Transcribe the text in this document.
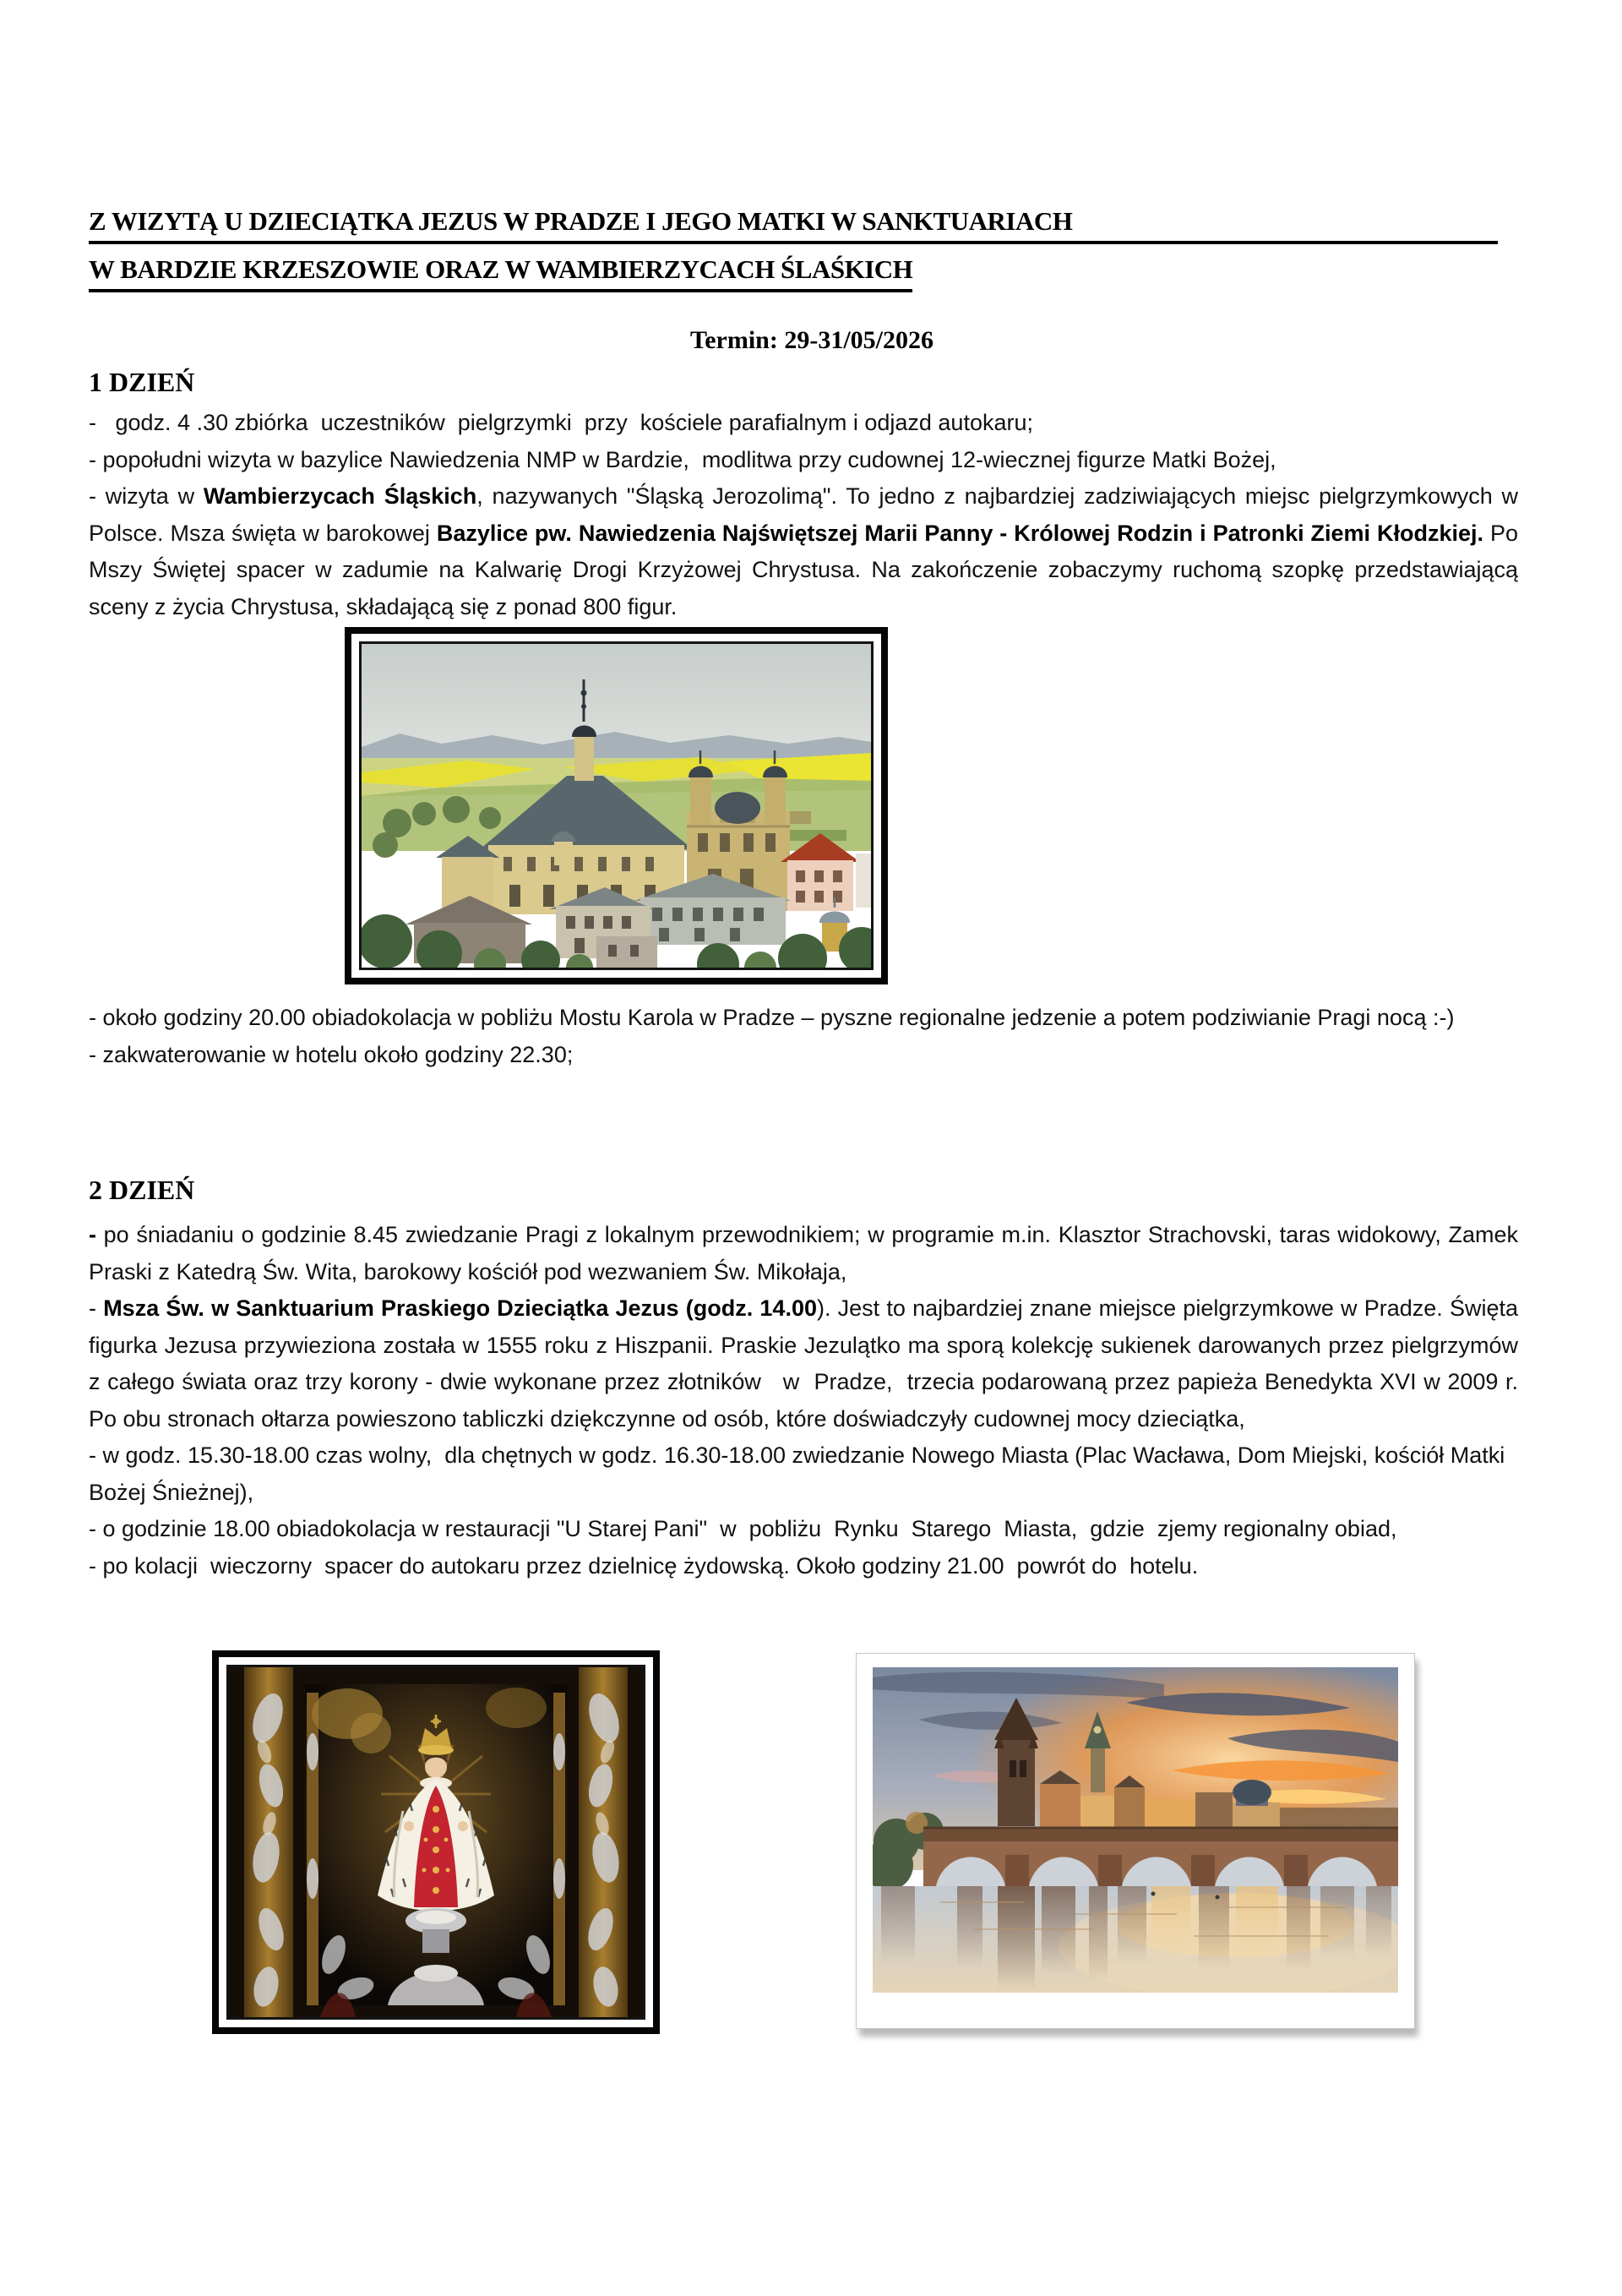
Z WIZYTĄ U DZIECIĄTKA JEZUS W PRADZE I JEGO MATKI W SANKTUARIACH
W BARDZIE KRZESZOWIE ORAZ W WAMBIERZYCACH ŚLAŚKICH
Termin: 29-31/05/2026
1 DZIEŃ

-   godz. 4 .30 zbiórka  uczestników  pielgrzymki  przy  kościele parafialnym i odjazd autokaru;

- popołudni wizyta w bazylice Nawiedzenia NMP w Bardzie,  modlitwa przy cudownej 12-wiecznej figurze Matki Bożej,

- wizyta w Wambierzycach Śląskich, nazywanych "Śląską Jerozolimą". To jedno z najbardziej zadziwiających miejsc pielgrzymkowych w Polsce. Msza święta w barokowej Bazylice pw. Nawiedzenia Najświętszej Marii Panny - Królowej Rodzin i Patronki Ziemi Kłodzkiej. Po Mszy Świętej spacer w zadumie na Kalwarię Drogi Krzyżowej Chrystusa. Na zakończenie zobaczymy ruchomą szopkę przedstawiającą sceny z życia Chrystusa, składającą się z ponad 800 figur.

- około godziny 20.00 obiadokolacja w pobliżu Mostu Karola w Pradze – pyszne regionalne jedzenie a potem podziwianie Pragi nocą :-)

- zakwaterowanie w hotelu około godziny 22.30;

2 DZIEŃ

- po śniadaniu o godzinie 8.45 zwiedzanie Pragi z lokalnym przewodnikiem; w programie m.in. Klasztor Strachovski, taras widokowy, Zamek Praski z Katedrą Św. Wita, barokowy kościół pod wezwaniem Św. Mikołaja,

- Msza Św. w Sanktuarium Praskiego Dzieciątka Jezus (godz. 14.00). Jest to najbardziej znane miejsce pielgrzymkowe w Pradze. Święta figurka Jezusa przywieziona została w 1555 roku z Hiszpanii. Praskie Jezulątko ma sporą kolekcję sukienek darowanych przez pielgrzymów z całego świata oraz trzy korony - dwie wykonane przez złotników   w  Pradze,  trzecia podarowaną przez papieża Benedykta XVI w 2009 r. Po obu stronach ołtarza powieszono tabliczki dziękczynne od osób, które doświadczyły cudownej mocy dzieciątka,

- w godz. 15.30-18.00 czas wolny,  dla chętnych w godz. 16.30-18.00 zwiedzanie Nowego Miasta (Plac Wacława, Dom Miejski, kościół Matki Bożej Śnieżnej),

- o godzinie 18.00 obiadokolacja w restauracji "U Starej Pani"  w  pobliżu  Rynku  Starego  Miasta,  gdzie  zjemy regionalny obiad,

- po kolacji  wieczorny  spacer do autokaru przez dzielnicę żydowską. Około godziny 21.00  powrót do  hotelu.
